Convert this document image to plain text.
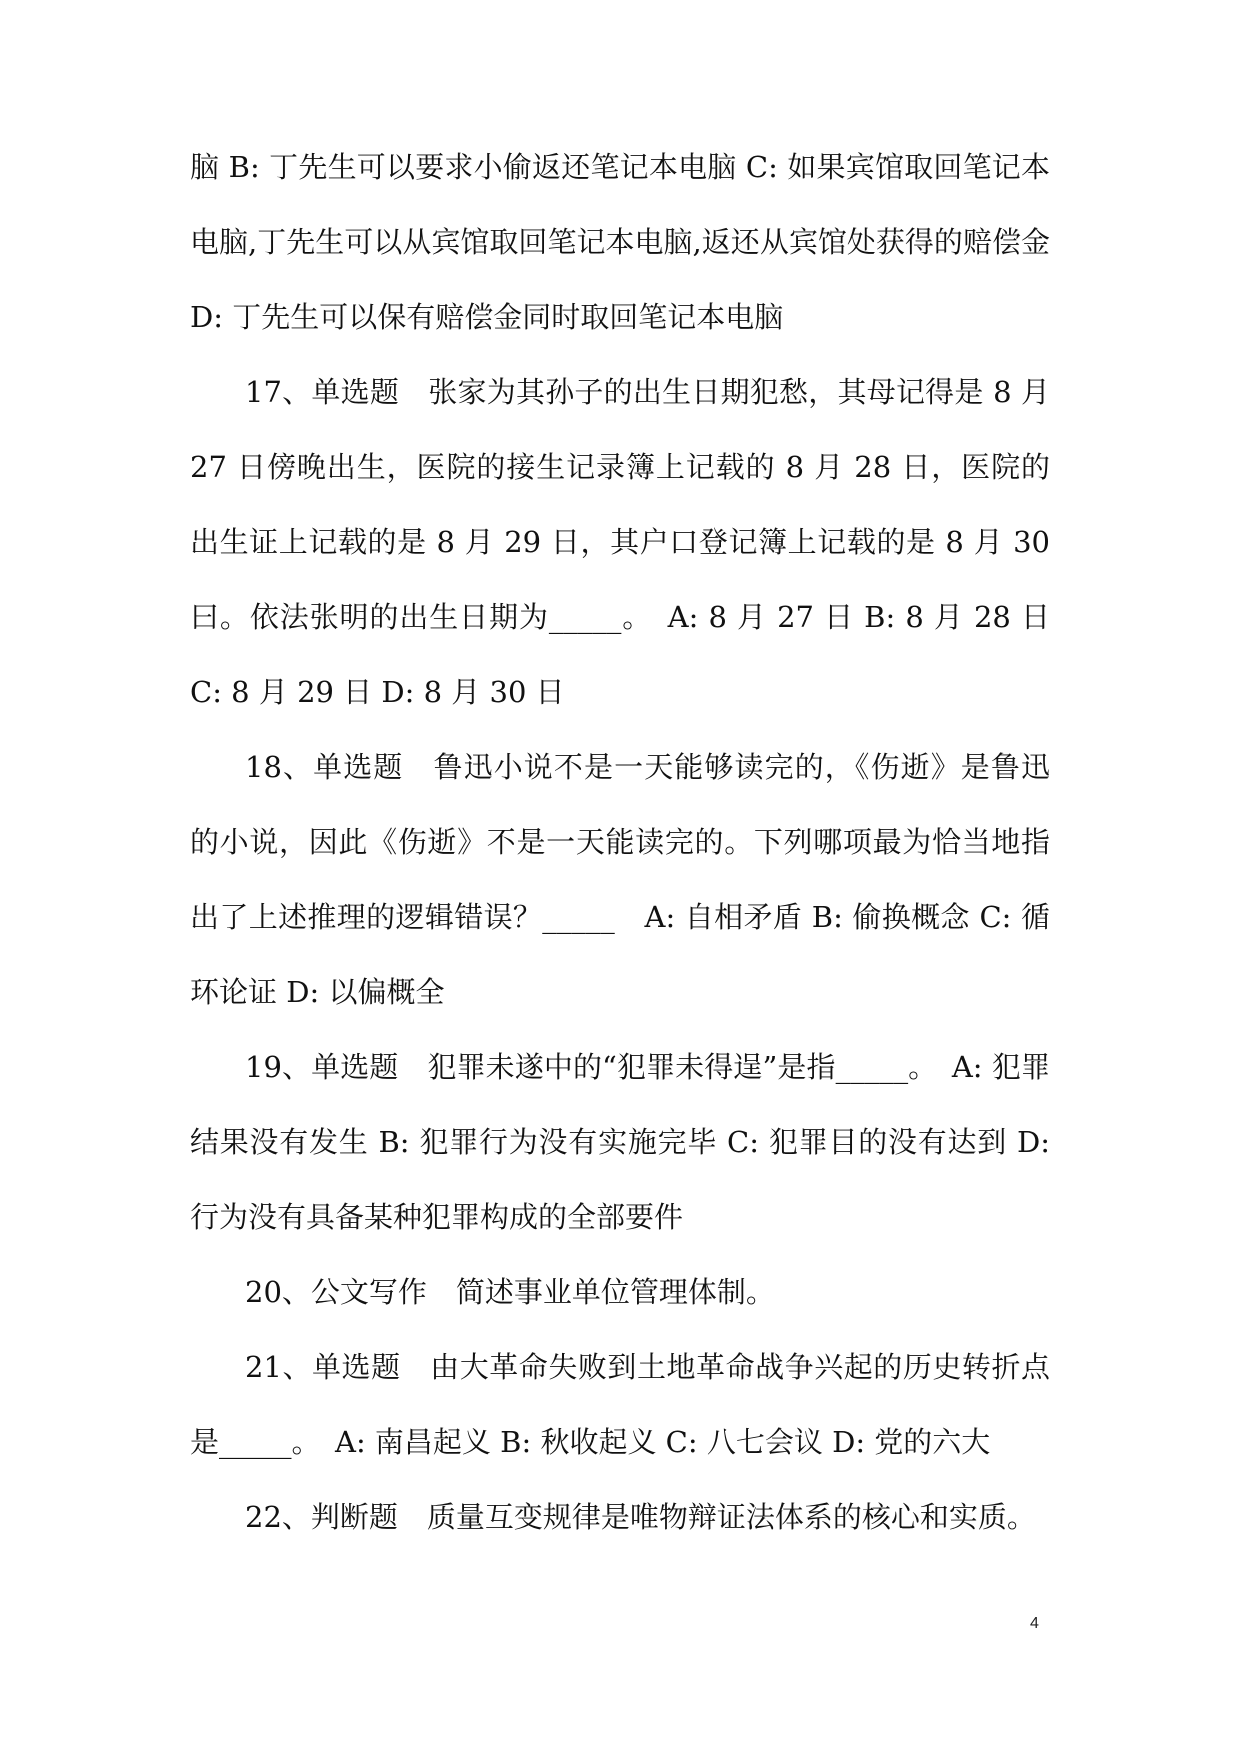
脑 B: 丁先生可以要求小偷返还笔记本电脑 C: 如果宾馆取回笔记本电脑,丁先生可以从宾馆取回笔记本电脑,返还从宾馆处获得的赔偿金 D: 丁先生可以保有赔偿金同时取回笔记本电脑

17、单选题　张家为其孙子的出生日期犯愁，其母记得是 8 月 27 日傍晚出生，医院的接生记录簿上记载的 8 月 28 日，医院的出生证上记载的是 8 月 29 日，其户口登记簿上记载的是 8 月 30 曰。依法张明的出生日期为_____。　A: 8 月 27 日 B: 8 月 28 日 C: 8 月 29 日 D: 8 月 30 日

18、单选题　鲁迅小说不是一天能够读完的，《伤逝》是鲁迅的小说，因此《伤逝》不是一天能读完的。下列哪项最为恰当地指出了上述推理的逻辑错误？_____　A: 自相矛盾 B: 偷换概念 C: 循环论证 D: 以偏概全

19、单选题　犯罪未遂中的“犯罪未得逞”是指_____。　A: 犯罪结果没有发生 B: 犯罪行为没有实施完毕 C: 犯罪目的没有达到 D: 行为没有具备某种犯罪构成的全部要件

20、公文写作　简述事业单位管理体制。

21、单选题　由大革命失败到土地革命战争兴起的历史转折点是_____。　A: 南昌起义 B: 秋收起义 C: 八七会议 D: 党的六大

22、判断题　质量互变规律是唯物辩证法体系的核心和实质。

4
